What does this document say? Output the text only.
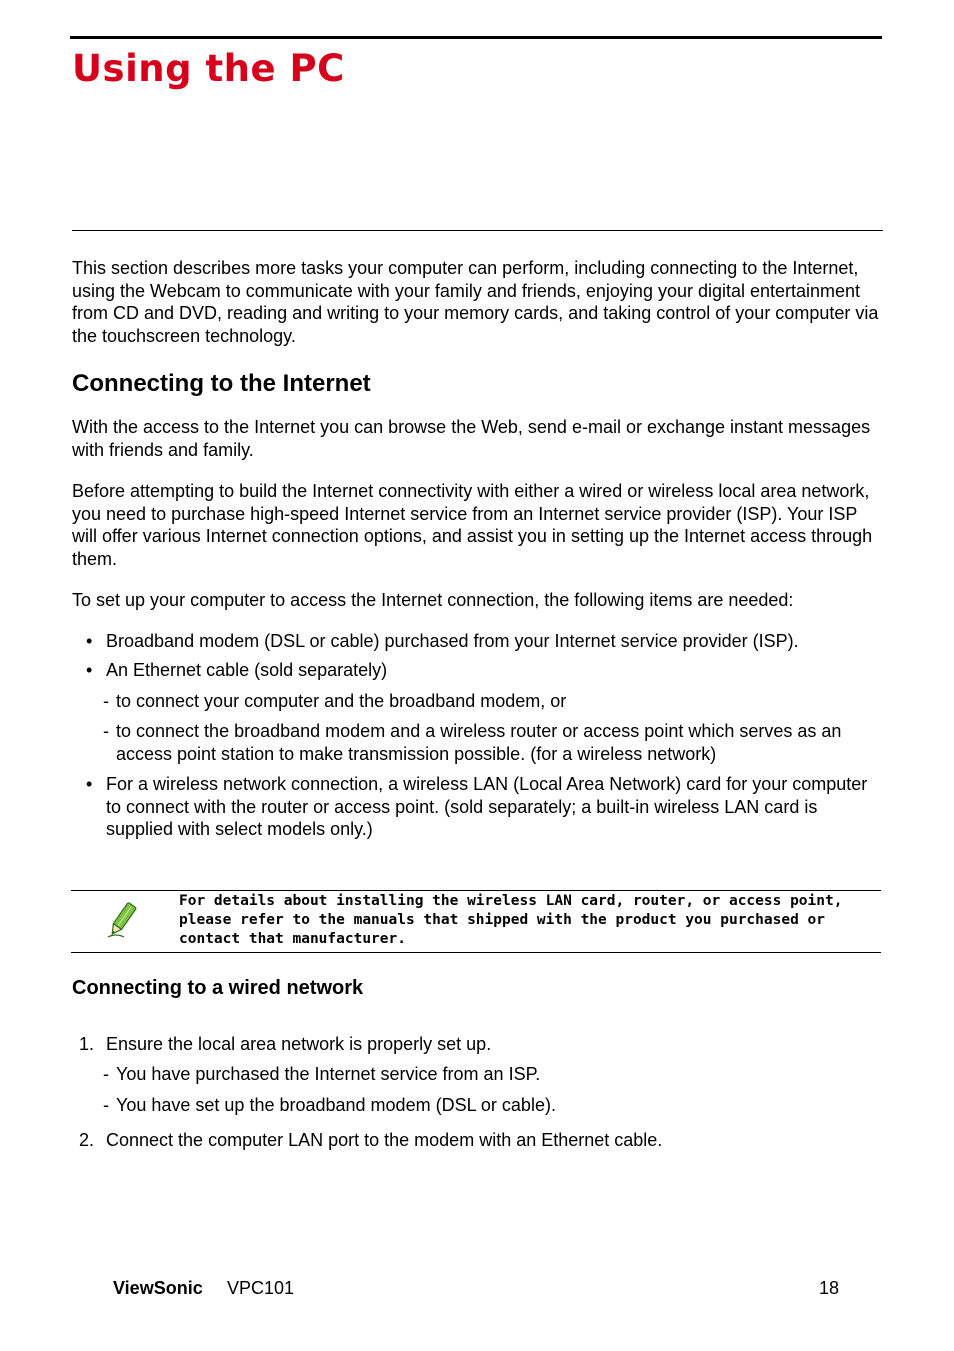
Using the PC

This section describes more tasks your computer can perform, including connecting to the Internet, using the Webcam to communicate with your family and friends, enjoying your digital entertainment from CD and DVD, reading and writing to your memory cards, and taking control of your computer via the touchscreen technology.

Connecting to the Internet

With the access to the Internet you can browse the Web, send e-mail or exchange instant messages with friends and family.

Before attempting to build the Internet connectivity with either a wired or wireless local area network, you need to purchase high-speed Internet service from an Internet service provider (ISP). Your ISP will offer various Internet connection options, and assist you in setting up the Internet access through them.

To set up your computer to access the Internet connection, the following items are needed:

• Broadband modem (DSL or cable) purchased from your Internet service provider (ISP).
• An Ethernet cable (sold separately)
- to connect your computer and the broadband modem, or
- to connect the broadband modem and a wireless router or access point which serves as an access point station to make transmission possible. (for a wireless network)
• For a wireless network connection, a wireless LAN (Local Area Network) card for your computer to connect with the router or access point. (sold separately; a built-in wireless LAN card is supplied with select models only.)

For details about installing the wireless LAN card, router, or access point, please refer to the manuals that shipped with the product you purchased or contact that manufacturer.

Connecting to a wired network
1. Ensure the local area network is properly set up.
- You have purchased the Internet service from an ISP.
- You have set up the broadband modem (DSL or cable).
2. Connect the computer LAN port to the modem with an Ethernet cable.
ViewSonic VPC101	18
